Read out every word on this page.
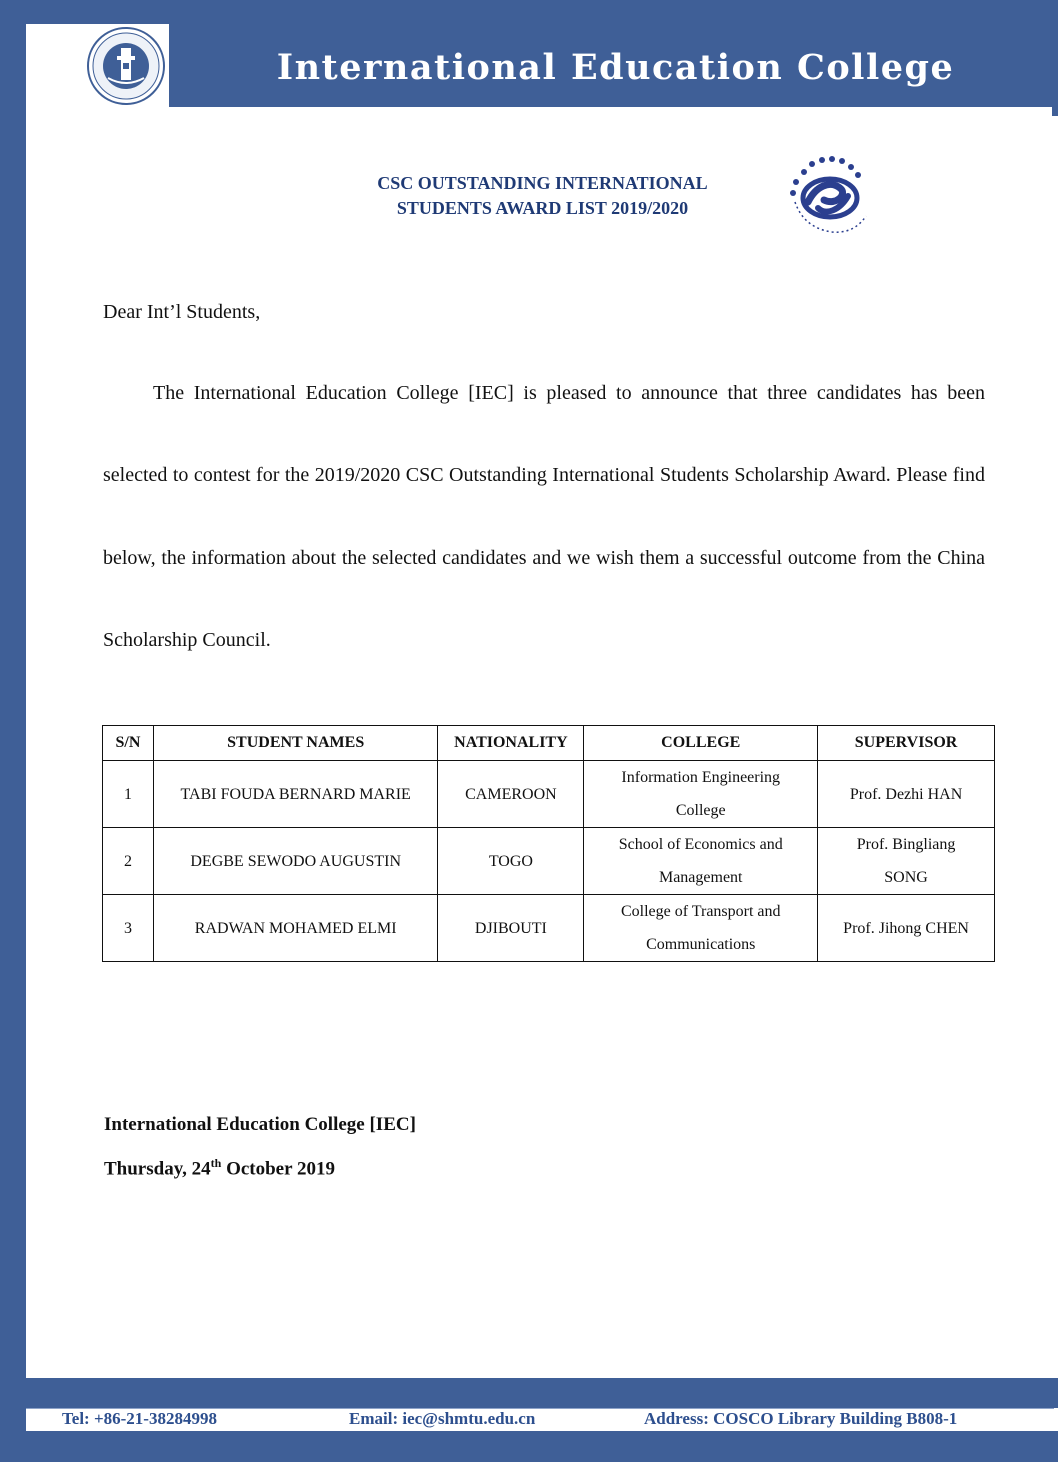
International Education College
CSC OUTSTANDING INTERNATIONAL
STUDENTS AWARD LIST 2019/2020
Dear Int’l Students,
The International Education College [IEC] is pleased to announce that three candidates has been selected to contest for the 2019/2020 CSC Outstanding International Students Scholarship Award. Please find below, the information about the selected candidates and we wish them a successful outcome from the China Scholarship Council.
S/N	STUDENT NAMES	NATIONALITY	COLLEGE	SUPERVISOR
1	TABI FOUDA BERNARD MARIE	CAMEROON	Information Engineering College	Prof. Dezhi HAN
2	DEGBE SEWODO AUGUSTIN	TOGO	School of Economics and Management	Prof. Bingliang SONG
3	RADWAN MOHAMED ELMI	DJIBOUTI	College of Transport and Communications	Prof. Jihong CHEN
International Education College [IEC]
Thursday, 24th October 2019
Tel: +86-21-38284998	Email: iec@shmtu.edu.cn	Address: COSCO Library Building B808-1
